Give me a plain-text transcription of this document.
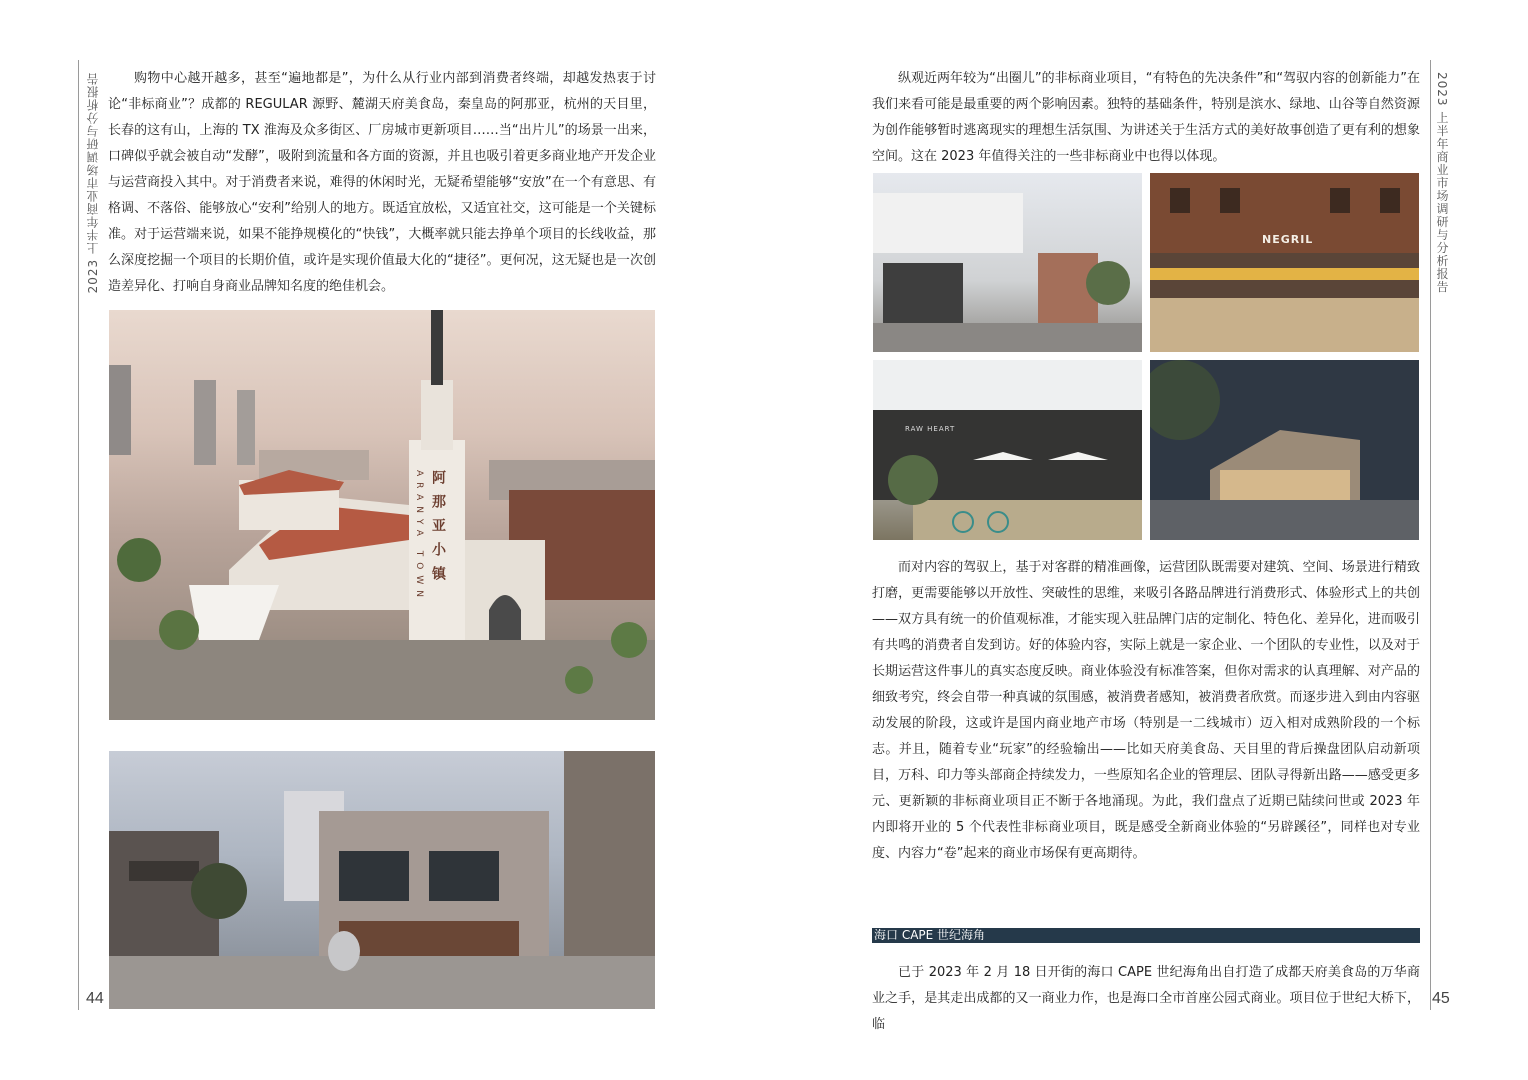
2023 上半年商业市场调研与分析报告	购物中心越开越多，甚至“遍地都是”，为什么从行业内部到消费者终端，却越发热衷于讨论“非标商业”？成都的 REGULAR 源野、麓湖天府美食岛，秦皇岛的阿那亚，杭州的天目里，长春的这有山，上海的 TX 淮海及众多街区、厂房城市更新项目……当“出片儿”的场景一出来，口碑似乎就会被自动“发酵”，吸附到流量和各方面的资源，并且也吸引着更多商业地产开发企业与运营商投入其中。对于消费者来说，难得的休闲时光，无疑希望能够“安放”在一个有意思、有格调、不落俗、能够放心“安利”给别人的地方。既适宜放松，又适宜社交，这可能是一个关键标准。对于运营端来说，如果不能挣规模化的“快钱”，大概率就只能去挣单个项目的长线收益，那么深度挖掘一个项目的长期价值，或许是实现价值最大化的“捷径”。更何况，这无疑也是一次创造差异化、打响自身商业品牌知名度的绝佳机会。

阿那亚小镇
ARANYA TOWN
44

纵观近两年较为“出圈儿”的非标商业项目，“有特色的先决条件”和“驾驭内容的创新能力”在我们来看可能是最重要的两个影响因素。独特的基础条件，特别是滨水、绿地、山谷等自然资源为创作能够暂时逃离现实的理想生活氛围、为讲述关于生活方式的美好故事创造了更有利的想象空间。这在 2023 年值得关注的一些非标商业中也得以体现。

NEGRIL
RAW HEART

而对内容的驾驭上，基于对客群的精准画像，运营团队既需要对建筑、空间、场景进行精致打磨，更需要能够以开放性、突破性的思维，来吸引各路品牌进行消费形式、体验形式上的共创——双方具有统一的价值观标准，才能实现入驻品牌门店的定制化、特色化、差异化，进而吸引有共鸣的消费者自发到访。好的体验内容，实际上就是一家企业、一个团队的专业性，以及对于长期运营这件事儿的真实态度反映。商业体验没有标准答案，但你对需求的认真理解、对产品的细致考究，终会自带一种真诚的氛围感，被消费者感知，被消费者欣赏。而逐步进入到由内容驱动发展的阶段，这或许是国内商业地产市场（特别是一二线城市）迈入相对成熟阶段的一个标志。并且，随着专业“玩家”的经验输出——比如天府美食岛、天目里的背后操盘团队启动新项目，万科、印力等头部商企持续发力，一些原知名企业的管理层、团队寻得新出路——感受更多元、更新颖的非标商业项目正不断于各地涌现。为此，我们盘点了近期已陆续问世或 2023 年内即将开业的 5 个代表性非标商业项目，既是感受全新商业体验的“另辟蹊径”，同样也对专业度、内容力“卷”起来的商业市场保有更高期待。

海口 CAPE 世纪海角

已于 2023 年 2 月 18 日开街的海口 CAPE 世纪海角出自打造了成都天府美食岛的万华商业之手，是其走出成都的又一商业力作，也是海口全市首座公园式商业。项目位于世纪大桥下，临

2023 上半年商业市场调研与分析报告
45
